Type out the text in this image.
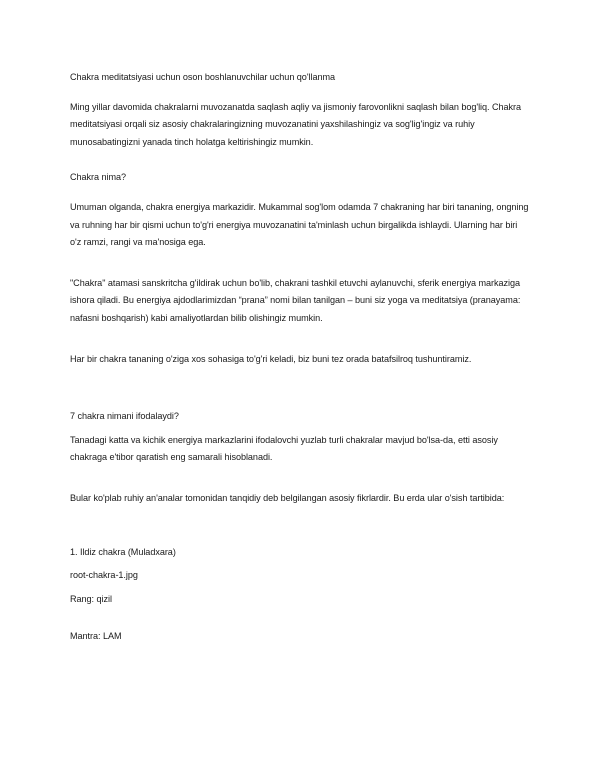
Chakra meditatsiyasi uchun oson boshlanuvchilar uchun qo'llanma

Ming yillar davomida chakralarni muvozanatda saqlash aqliy va jismoniy farovonlikni saqlash bilan bog'liq. Chakra meditatsiyasi orqali siz asosiy chakralaringizning muvozanatini yaxshilashingiz va sog'lig'ingiz va ruhiy munosabatingizni yanada tinch holatga keltirishingiz mumkin.

Chakra nima?

Umuman olganda, chakra energiya markazidir. Mukammal sog'lom odamda 7 chakraning har biri tananing, ongning va ruhning har bir qismi uchun to'g'ri energiya muvozanatini ta'minlash uchun birgalikda ishlaydi. Ularning har biri o'z ramzi, rangi va ma'nosiga ega.

"Chakra" atamasi sanskritcha g'ildirak uchun bo'lib, chakrani tashkil etuvchi aylanuvchi, sferik energiya markaziga ishora qiladi. Bu energiya ajdodlarimizdan “prana” nomi bilan tanilgan – buni siz yoga va meditatsiya (pranayama: nafasni boshqarish) kabi amaliyotlardan bilib olishingiz mumkin.

Har bir chakra tananing o'ziga xos sohasiga to'g'ri keladi, biz buni tez orada batafsilroq tushuntiramiz.

7 chakra nimani ifodalaydi?

Tanadagi katta va kichik energiya markazlarini ifodalovchi yuzlab turli chakralar mavjud bo'lsa-da, etti asosiy chakraga e'tibor qaratish eng samarali hisoblanadi.

Bular ko'plab ruhiy an'analar tomonidan tanqidiy deb belgilangan asosiy fikrlardir. Bu erda ular o'sish tartibida:

1. Ildiz chakra (Muladxara)

root-chakra-1.jpg

Rang: qizil

Mantra: LAM
